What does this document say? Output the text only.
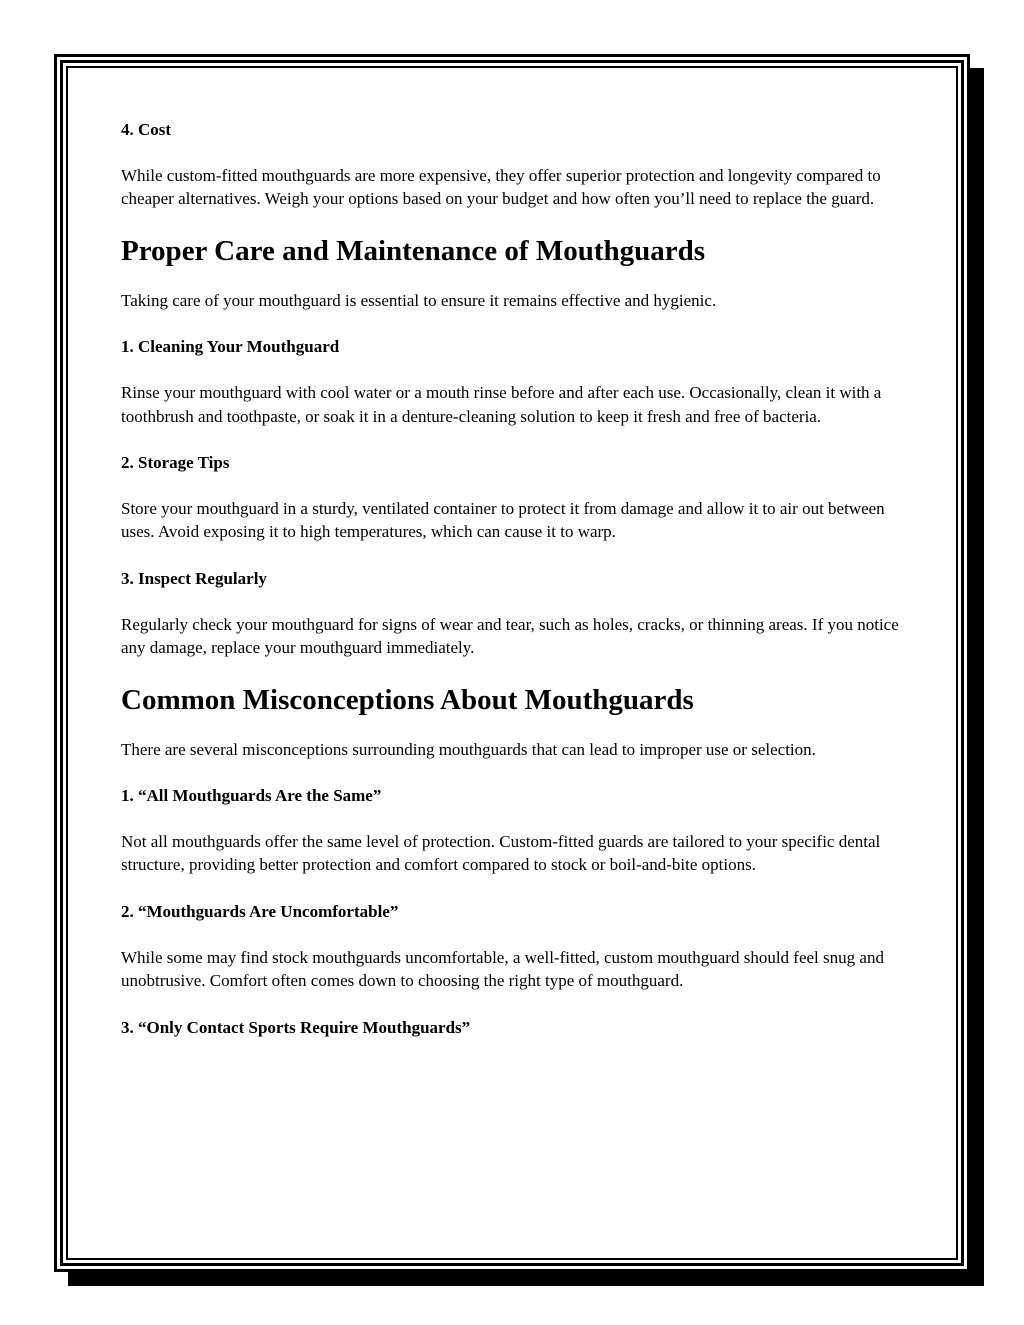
4. Cost
While custom-fitted mouthguards are more expensive, they offer superior protection and longevity compared to cheaper alternatives. Weigh your options based on your budget and how often you’ll need to replace the guard.
Proper Care and Maintenance of Mouthguards
Taking care of your mouthguard is essential to ensure it remains effective and hygienic.
1. Cleaning Your Mouthguard
Rinse your mouthguard with cool water or a mouth rinse before and after each use. Occasionally, clean it with a toothbrush and toothpaste, or soak it in a denture-cleaning solution to keep it fresh and free of bacteria.
2. Storage Tips
Store your mouthguard in a sturdy, ventilated container to protect it from damage and allow it to air out between uses. Avoid exposing it to high temperatures, which can cause it to warp.
3. Inspect Regularly
Regularly check your mouthguard for signs of wear and tear, such as holes, cracks, or thinning areas. If you notice any damage, replace your mouthguard immediately.
Common Misconceptions About Mouthguards
There are several misconceptions surrounding mouthguards that can lead to improper use or selection.
1. “All Mouthguards Are the Same”
Not all mouthguards offer the same level of protection. Custom-fitted guards are tailored to your specific dental structure, providing better protection and comfort compared to stock or boil-and-bite options.
2. “Mouthguards Are Uncomfortable”
While some may find stock mouthguards uncomfortable, a well-fitted, custom mouthguard should feel snug and unobtrusive. Comfort often comes down to choosing the right type of mouthguard.
3. “Only Contact Sports Require Mouthguards”
